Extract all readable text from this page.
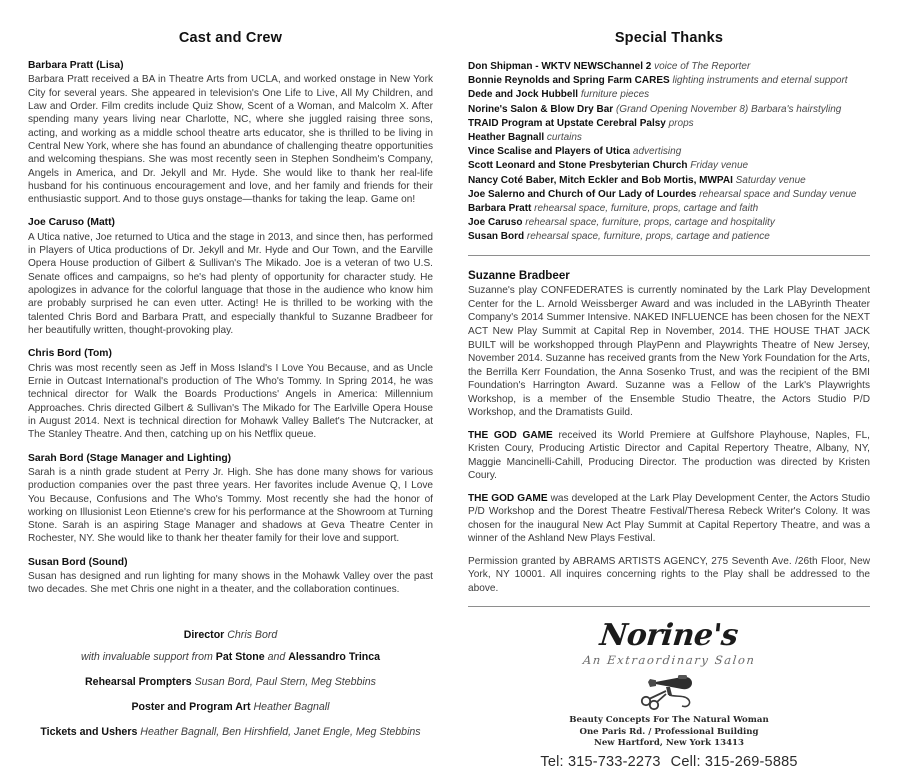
Cast and Crew

Barbara Pratt (Lisa)

Barbara Pratt received a BA in Theatre Arts from UCLA, and worked onstage in New York City for several years. She appeared in television's One Life to Live, All My Children, and Law and Order. Film credits include Quiz Show, Scent of a Woman, and Malcolm X. After spending many years living near Charlotte, NC, where she juggled raising three sons, acting, and working as a middle school theatre arts educator, she is thrilled to be living in Central New York, where she has found an abundance of challenging theatre opportunities and welcoming thespians. She was most recently seen in Stephen Sondheim's Company, Angels in America, and Dr. Jekyll and Mr. Hyde. She would like to thank her real-life husband for his continuous encouragement and love, and her family and friends for their enthusiastic support. And to those guys onstage—thanks for taking the leap. Game on!

Joe Caruso (Matt)

A Utica native, Joe returned to Utica and the stage in 2013, and since then, has performed in Players of Utica productions of Dr. Jekyll and Mr. Hyde and Our Town, and the Earville Opera House production of Gilbert & Sullivan's The Mikado. Joe is a veteran of two U.S. Senate offices and campaigns, so he's had plenty of opportunity for character study. He apologizes in advance for the colorful language that those in the audience who know him are probably surprised he can even utter. Acting! He is thrilled to be working with the talented Chris Bord and Barbara Pratt, and especially thankful to Suzanne Bradbeer for her beautifully written, thought-provoking play.

Chris Bord (Tom)

Chris was most recently seen as Jeff in Moss Island's I Love You Because, and as Uncle Ernie in Outcast International's production of The Who's Tommy. In Spring 2014, he was technical director for Walk the Boards Productions' Angels in America: Millennium Approaches. Chris directed Gilbert & Sullivan's The Mikado for The Earlville Opera House in August 2014. Next is technical direction for Mohawk Valley Ballet's The Nutcracker, at The Stanley Theatre. And then, catching up on his Netflix queue.

Sarah Bord (Stage Manager and Lighting)

Sarah is a ninth grade student at Perry Jr. High. She has done many shows for various production companies over the past three years. Her favorites include Avenue Q, I Love You Because, Confusions and The Who's Tommy. Most recently she had the honor of working on Illusionist Leon Etienne's crew for his performance at the Showroom at Turning Stone. Sarah is an aspiring Stage Manager and shadows at Geva Theatre Center in Rochester, NY. She would like to thank her theater family for their love and support.

Susan Bord (Sound)

Susan has designed and run lighting for many shows in the Mohawk Valley over the past two decades. She met Chris one night in a theater, and the collaboration continues.

Director Chris Bord

with invaluable support from Pat Stone and Alessandro Trinca

Rehearsal Prompters Susan Bord, Paul Stern, Meg Stebbins

Poster and Program Art Heather Bagnall

Tickets and Ushers Heather Bagnall, Ben Hirshfield, Janet Engle, Meg Stebbins

Special Thanks
Don Shipman - WKTV NEWSChannel 2 voice of The Reporter
Bonnie Reynolds and Spring Farm CARES lighting instruments and eternal support
Dede and Jock Hubbell furniture pieces
Norine's Salon & Blow Dry Bar (Grand Opening November 8) Barbara's hairstyling
TRAID Program at Upstate Cerebral Palsy props
Heather Bagnall curtains
Vince Scalise and Players of Utica advertising
Scott Leonard and Stone Presbyterian Church Friday venue
Nancy Coté Baber, Mitch Eckler and Bob Mortis, MWPAI Saturday venue
Joe Salerno and Church of Our Lady of Lourdes rehearsal space and Sunday venue
Barbara Pratt rehearsal space, furniture, props, cartage and faith
Joe Caruso rehearsal space, furniture, props, cartage and hospitality
Susan Bord rehearsal space, furniture, props, cartage and patience

Suzanne Bradbeer

Suzanne's play CONFEDERATES is currently nominated by the Lark Play Development Center for the L. Arnold Weissberger Award and was included in the LAByrinth Theater Company's 2014 Summer Intensive. NAKED INFLUENCE has been chosen for the NEXT ACT New Play Summit at Capital Rep in November, 2014. THE HOUSE THAT JACK BUILT will be workshopped through PlayPenn and Playwrights Theatre of New Jersey, November 2014. Suzanne has received grants from the New York Foundation for the Arts, the Berrilla Kerr Foundation, the Anna Sosenko Trust, and was the recipient of the BMI Foundation's Harrington Award. Suzanne was a Fellow of the Lark's Playwrights Workshop, is a member of the Ensemble Studio Theatre, the Actors Studio P/D Workshop, and the Dramatists Guild.

THE GOD GAME received its World Premiere at Gulfshore Playhouse, Naples, FL, Kristen Coury, Producing Artistic Director and Capital Repertory Theatre, Albany, NY, Maggie Mancinelli-Cahill, Producing Director. The production was directed by Kristen Coury.

THE GOD GAME was developed at the Lark Play Development Center, the Actors Studio P/D Workshop and the Dorest Theatre Festival/Theresa Rebeck Writer's Colony. It was chosen for the inaugural New Act Play Summit at Capital Repertory Theatre, and was a winner of the Ashland New Plays Festival.

Permission granted by ABRAMS ARTISTS AGENCY, 275 Seventh Ave. /26th Floor, New York, NY 10001. All inquires concerning rights to the Play shall be addressed to the above.

Norine's
An Extraordinary Salon
Beauty Concepts For The Natural Woman
One Paris Rd. / Professional Building
New Hartford, New York 13413
Tel: 315-733-2273 Cell: 315-269-5885
